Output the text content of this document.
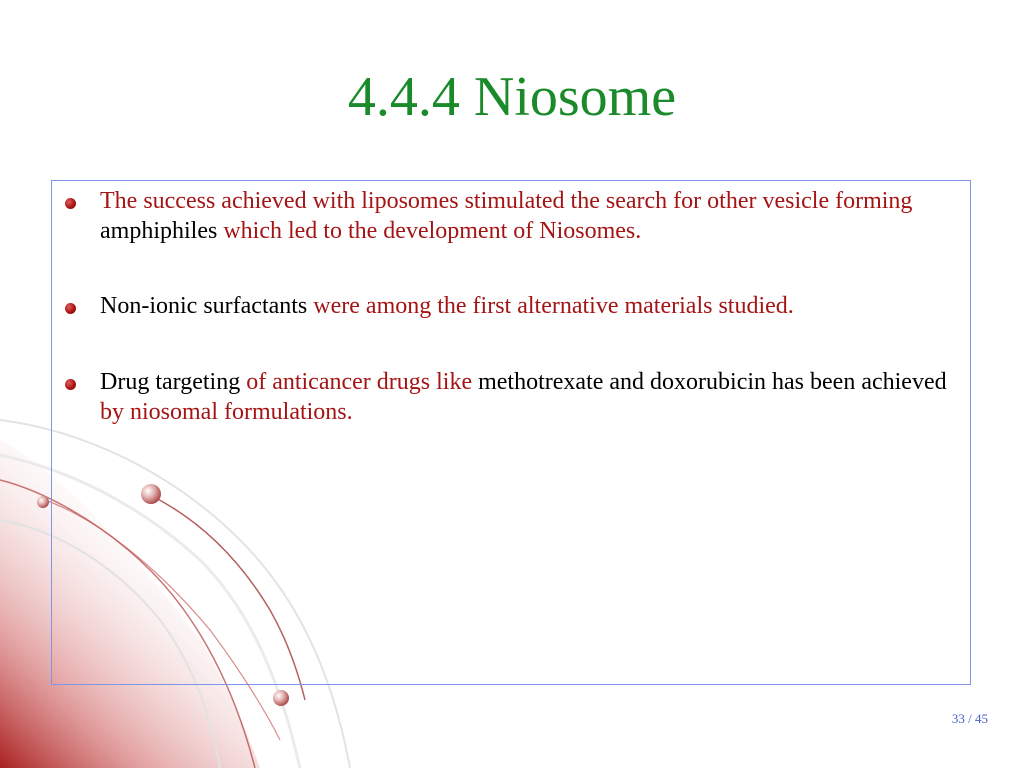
4.4.4 Niosome
The success achieved with liposomes stimulated the search for other vesicle forming amphiphiles which led to the development of Niosomes.
Non-ionic surfactants were among the first alternative materials studied.
Drug targeting of anticancer drugs like methotrexate and doxorubicin has been achieved by niosomal formulations.
33 / 45
